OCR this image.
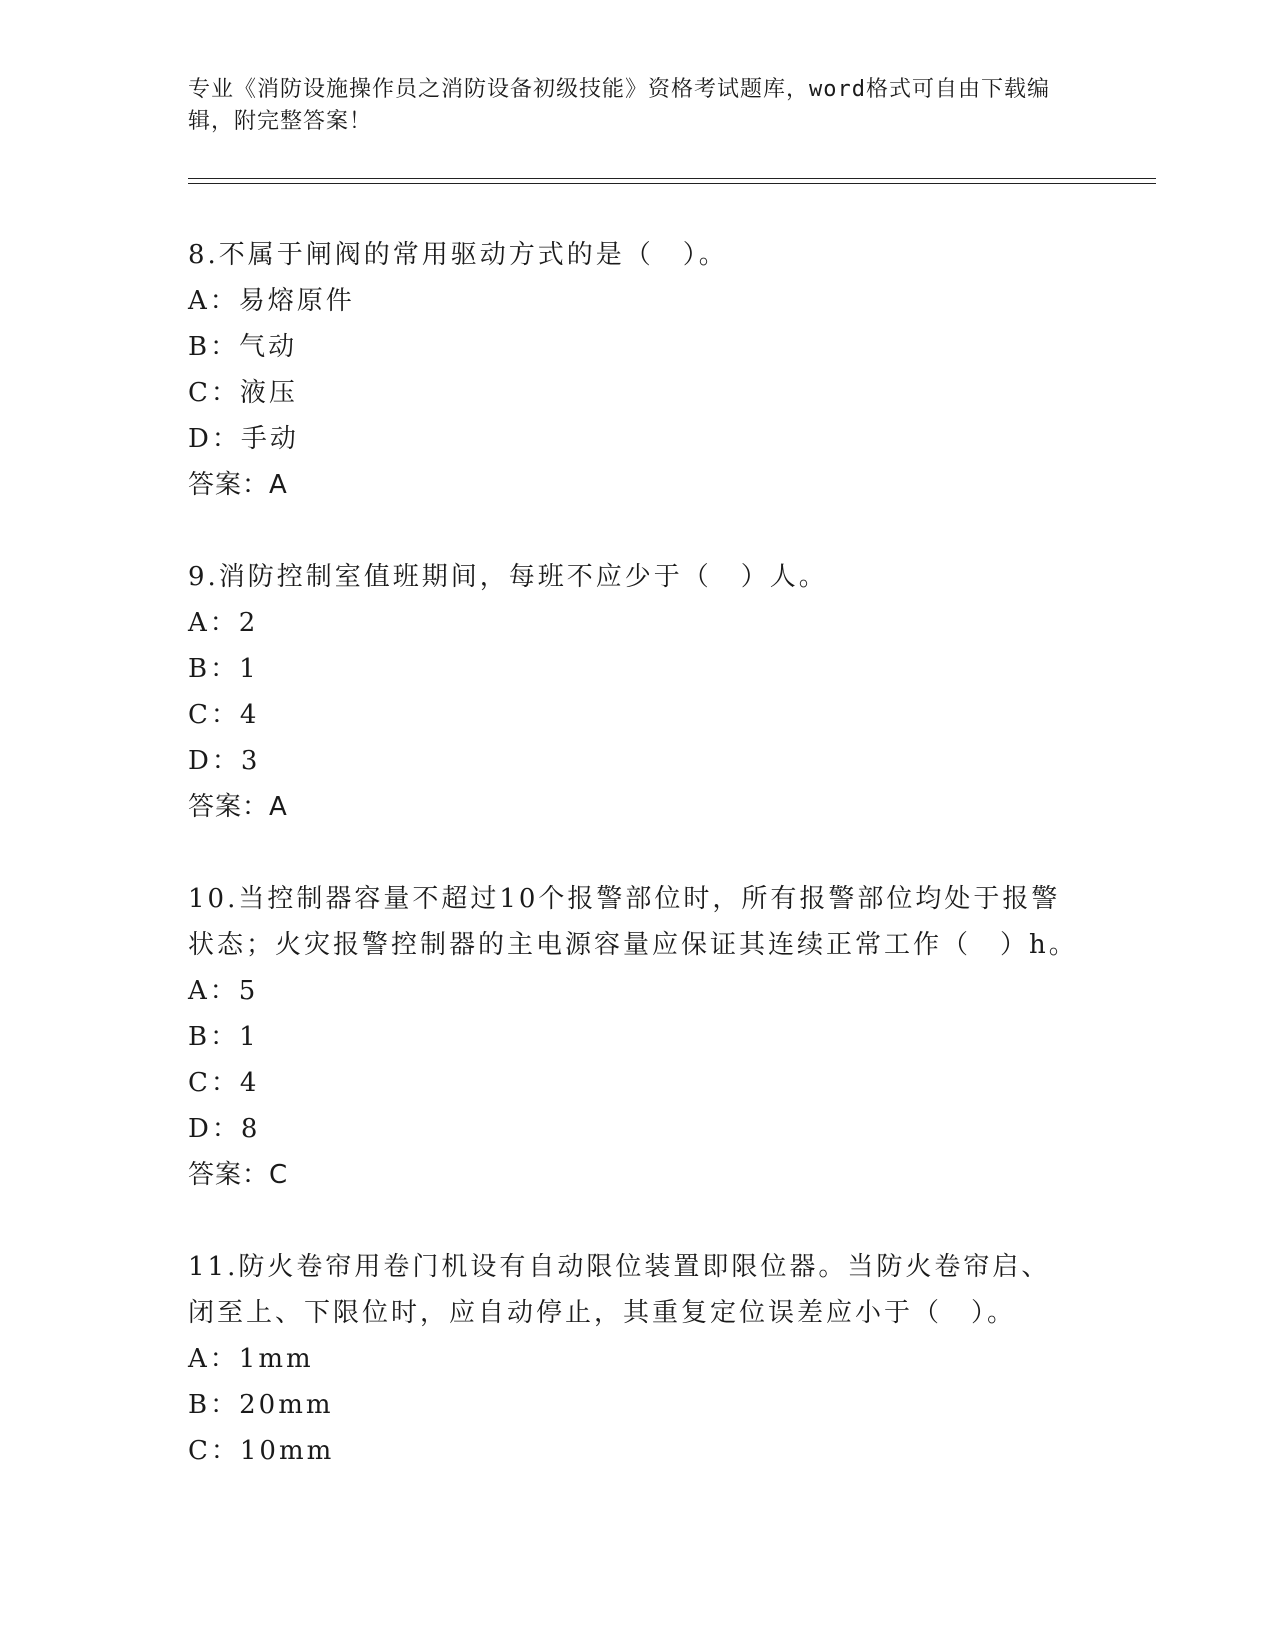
专业《消防设施操作员之消防设备初级技能》资格考试题库，word格式可自由下载编辑，附完整答案！

8.不属于闸阀的常用驱动方式的是（　）。

A：易熔原件
B：气动
C：液压
D：手动
答案：A

9.消防控制室值班期间，每班不应少于（　）人。

A：2
B：1
C：4
D：3
答案：A

10.当控制器容量不超过10个报警部位时，所有报警部位均处于报警状态；火灾报警控制器的主电源容量应保证其连续正常工作（　）h。

A：5
B：1
C：4
D：8
答案：C

11.防火卷帘用卷门机设有自动限位装置即限位器。当防火卷帘启、闭至上、下限位时，应自动停止，其重复定位误差应小于（　）。

A：1mm
B：20mm
C：10mm
